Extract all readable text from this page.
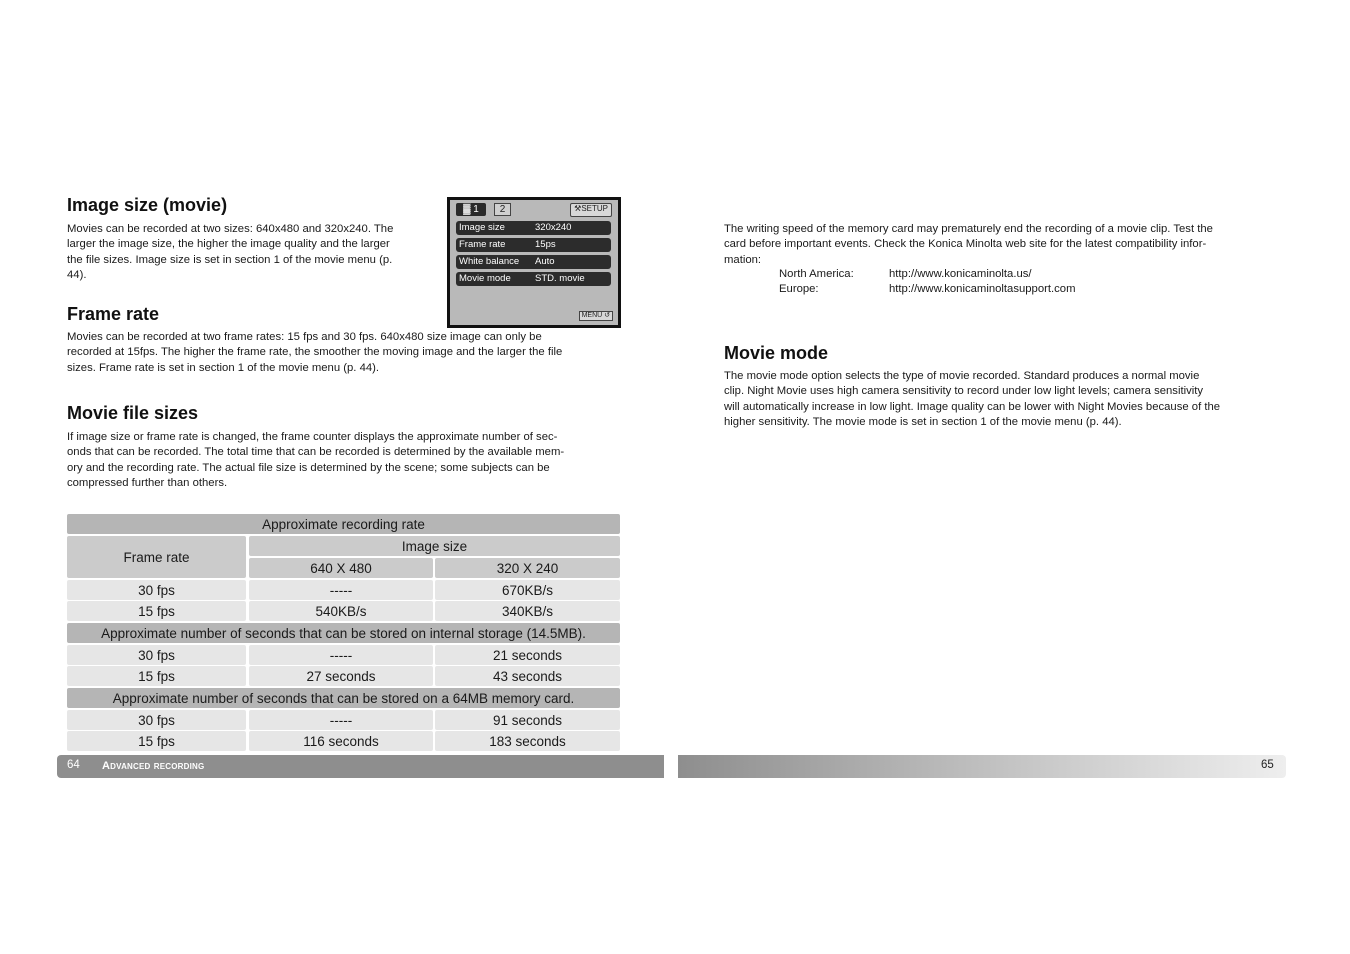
Image size (movie)
Movies can be recorded at two sizes: 640x480 and 320x240. The
larger the image size, the higher the image quality and the larger
the file sizes. Image size is set in section 1 of the movie menu (p.
44).
▓ 1	2	⚒SETUP
Image size	320x240
Frame rate	15ps
White balance Auto
Movie mode	STD. movie
MENU ↺
Frame rate
Movies can be recorded at two frame rates: 15 fps and 30 fps. 640x480 size image can only be
recorded at 15fps. The higher the frame rate, the smoother the moving image and the larger the file
sizes. Frame rate is set in section 1 of the movie menu (p. 44).
Movie file sizes
If image size or frame rate is changed, the frame counter displays the approximate number of sec-
onds that can be recorded. The total time that can be recorded is determined by the available mem-
ory and the recording rate. The actual file size is determined by the scene; some subjects can be
compressed further than others.
Approximate recording rate
Frame rate
Image size
640 X 480	320 X 240
30 fps	-----	670KB/s
15 fps	540KB/s	340KB/s
Approximate number of seconds that can be stored on internal storage (14.5MB).
30 fps	-----	21 seconds
15 fps	27 seconds	43 seconds
Approximate number of seconds that can be stored on a 64MB memory card.
30 fps	-----	91 seconds
15 fps	116 seconds	183 seconds
64 Advanced recording	65
The writing speed of the memory card may prematurely end the recording of a movie clip. Test the
card before important events. Check the Konica Minolta web site for the latest compatibility infor-
mation:
North America:	http://www.konicaminolta.us/
Europe:	http://www.konicaminoltasupport.com
Movie mode
The movie mode option selects the type of movie recorded. Standard produces a normal movie
clip. Night Movie uses high camera sensitivity to record under low light levels; camera sensitivity
will automatically increase in low light. Image quality can be lower with Night Movies because of the
higher sensitivity. The movie mode is set in section 1 of the movie menu (p. 44).
